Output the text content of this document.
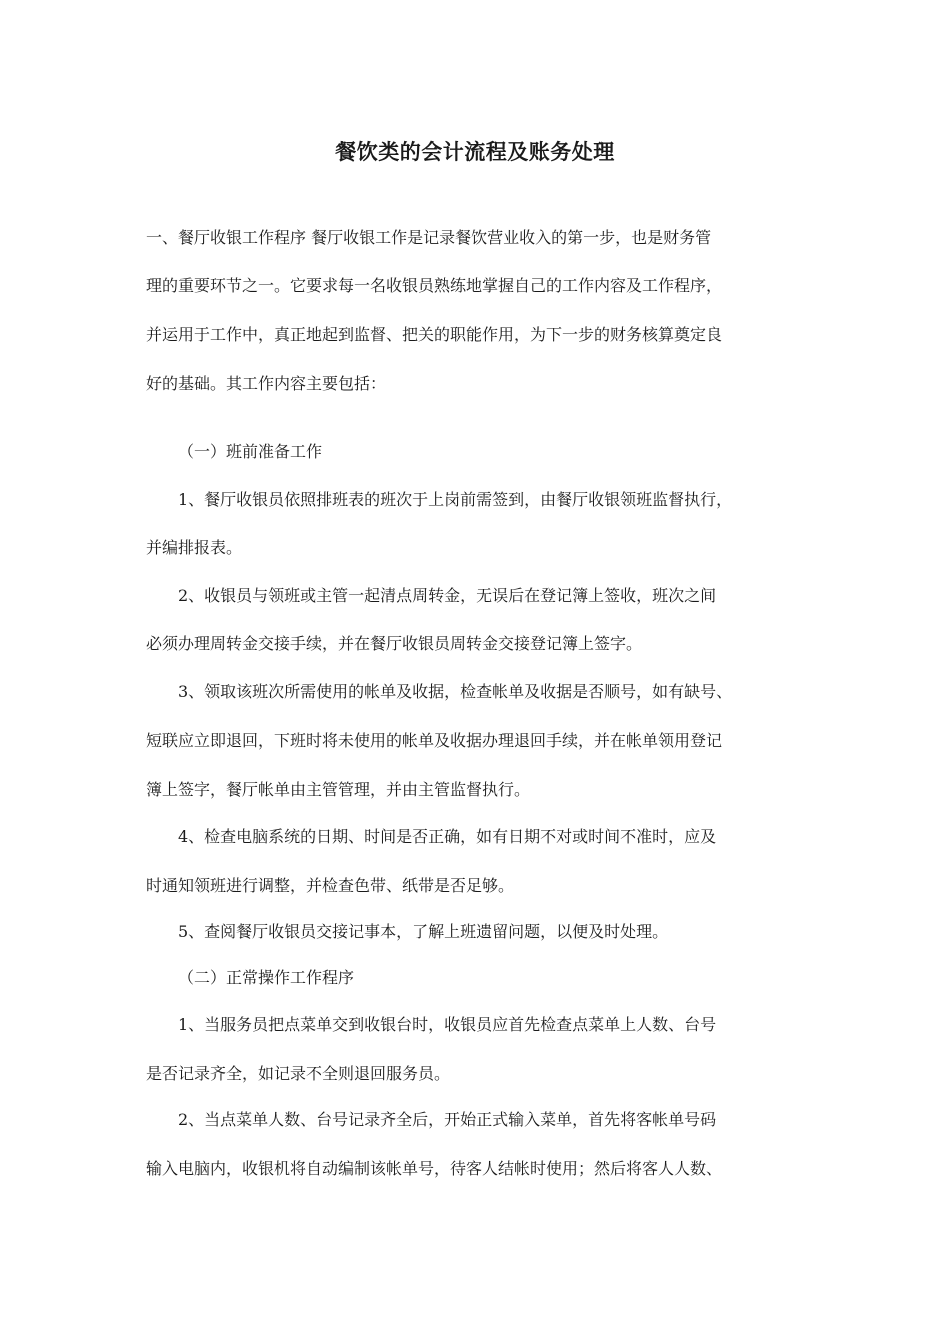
餐饮类的会计流程及账务处理
一、餐厅收银工作程序 餐厅收银工作是记录餐饮营业收入的第一步，也是财务管
理的重要环节之一。它要求每一名收银员熟练地掌握自己的工作内容及工作程序，
并运用于工作中，真正地起到监督、把关的职能作用，为下一步的财务核算奠定良
好的基础。其工作内容主要包括：
（一）班前准备工作
1、餐厅收银员依照排班表的班次于上岗前需签到，由餐厅收银领班监督执行，
并编排报表。
2、收银员与领班或主管一起清点周转金，无误后在登记簿上签收，班次之间
必须办理周转金交接手续，并在餐厅收银员周转金交接登记簿上签字。
3、领取该班次所需使用的帐单及收据，检查帐单及收据是否顺号，如有缺号、
短联应立即退回，下班时将未使用的帐单及收据办理退回手续，并在帐单领用登记
簿上签字，餐厅帐单由主管管理，并由主管监督执行。
4、检查电脑系统的日期、时间是否正确，如有日期不对或时间不准时，应及
时通知领班进行调整，并检查色带、纸带是否足够。
5、查阅餐厅收银员交接记事本，了解上班遗留问题，以便及时处理。
（二）正常操作工作程序
1、当服务员把点菜单交到收银台时，收银员应首先检查点菜单上人数、台号
是否记录齐全，如记录不全则退回服务员。
2、当点菜单人数、台号记录齐全后，开始正式输入菜单，首先将客帐单号码
输入电脑内，收银机将自动编制该帐单号，待客人结帐时使用；然后将客人人数、
